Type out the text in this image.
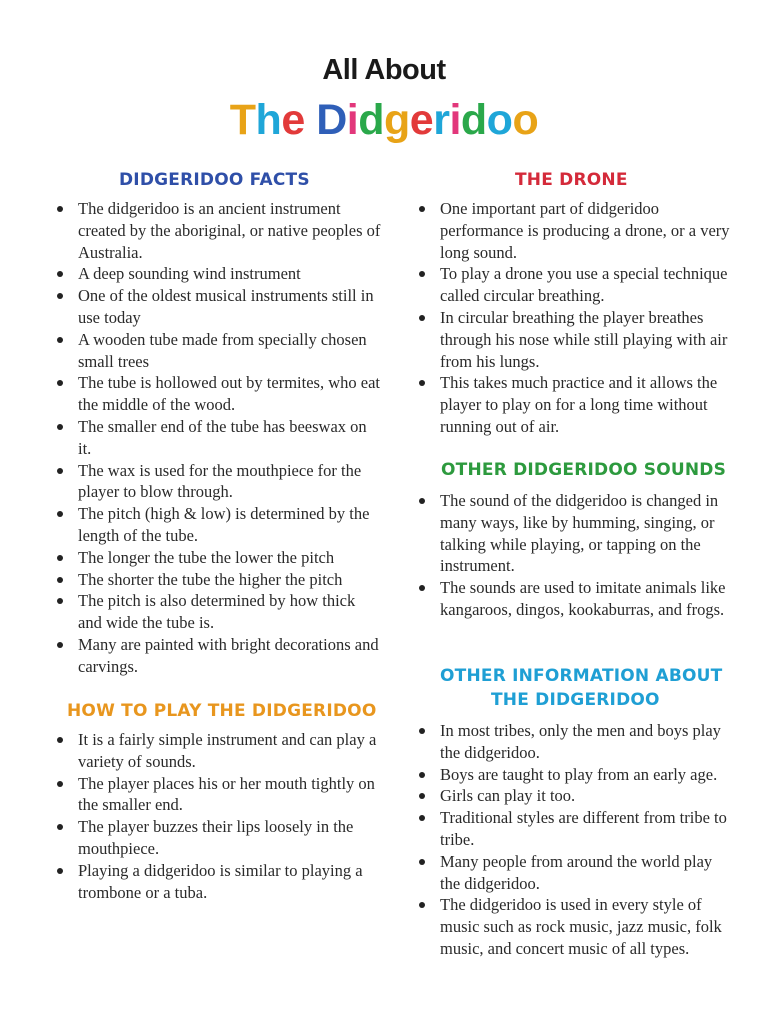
All About
The Didgeridoo
DIDGERIDOO FACTS
The didgeridoo is an ancient instrument created by the aboriginal, or native peoples of Australia.
A deep sounding wind instrument
One of the oldest musical instruments still in use today
A wooden tube made from specially chosen small trees
The tube is hollowed out by termites, who eat the middle of the wood.
The smaller end of the tube has beeswax on it.
The wax is used for the mouthpiece for the player to blow through.
The pitch (high & low) is determined by the length of the tube.
The longer the tube the lower the pitch
The shorter the tube the higher the pitch
The pitch is also determined by how thick and wide the tube is.
Many are painted with bright decorations and carvings.
HOW TO PLAY THE DIDGERIDOO
It is a fairly simple instrument and can play a variety of sounds.
The player places his or her mouth tightly on the smaller end.
The player buzzes their lips loosely in the mouthpiece.
Playing a didgeridoo is similar to playing a trombone or a tuba.
THE DRONE
One important part of didgeridoo performance is producing a drone, or a very long sound.
To play a drone you use a special technique called circular breathing.
In circular breathing the player breathes through his nose while still playing with air from his lungs.
This takes much practice and it allows the player to play on for a long time without running out of air.
OTHER DIDGERIDOO SOUNDS
The sound of the didgeridoo is changed in many ways, like by humming, singing, or talking while playing, or tapping on the instrument.
The sounds are used to imitate animals like kangaroos, dingos, kookaburras, and frogs.
OTHER INFORMATION ABOUT
THE DIDGERIDOO
In most tribes, only the men and boys play the didgeridoo.
Boys are taught to play from an early age.
Girls can play it too.
Traditional styles are different from tribe to tribe.
Many people from around the world play the didgeridoo.
The didgeridoo is used in every style of music such as rock music, jazz music, folk music, and concert music of all types.
